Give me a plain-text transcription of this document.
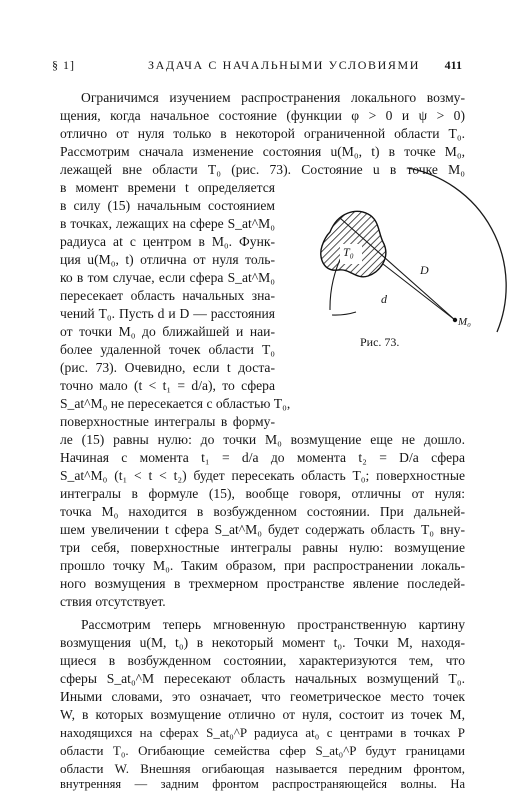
§ 1]	ЗАДАЧА С НАЧАЛЬНЫМИ УСЛОВИЯМИ 411
T₀
D
d
M₀
Рис. 73.
Ограничимся изучением распространения локального возму-
щения, когда начальное состояние (функции φ > 0 и ψ > 0)
отлично от нуля только в некоторой ограниченной области T₀.
Рассмотрим сначала изменение состояния u(M₀, t) в точке M₀,
лежащей вне области T₀ (рис. 73). Состояние u в точке M₀
в момент времени t определяется
в силу (15) начальным состоянием
в точках, лежащих на сфере S_at^M₀
радиуса at с центром в M₀. Функ-
ция u(M₀, t) отлична от нуля толь-
ко в том случае, если сфера S_at^M₀
пересекает область начальных зна-
чений T₀. Пусть d и D — расстояния
от точки M₀ до ближайшей и наи-
более удаленной точек области T₀
(рис. 73). Очевидно, если t доста-
точно мало (t < t₁ = d/a), то сфера
S_at^M₀ не пересекается с областью T₀,
поверхностные интегралы в форму-
ле (15) равны нулю: до точки M₀ возмущение еще не дошло.
Начиная с момента t₁ = d/a до момента t₂ = D/a сфера
S_at^M₀ (t₁ < t < t₂) будет пересекать область T₀; поверхностные
интегралы в формуле (15), вообще говоря, отличны от нуля:
точка M₀ находится в возбужденном состоянии. При дальней-
шем увеличении t сфера S_at^M₀ будет содержать область T₀ вну-
три себя, поверхностные интегралы равны нулю: возмущение
прошло точку M₀. Таким образом, при распространении локаль-
ного возмущения в трехмерном пространстве явление последей-
ствия отсутствует.
Рассмотрим теперь мгновенную пространственную картину
возмущения u(M, t₀) в некоторый момент t₀. Точки M, находя-
щиеся в возбужденном состоянии, характеризуются тем, что
сферы S_at₀^M пересекают область начальных возмущений T₀.
Иными словами, это означает, что геометрическое место точек
W, в которых возмущение отлично от нуля, состоит из точек M,
находящихся на сферах S_at₀^P радиуса at₀ с центрами в точках P
области T₀. Огибающие семейства сфер S_at₀^P будут границами
области W. Внешняя огибающая называется передним фронтом,
внутренняя — задним фронтом распространяющейся волны. На
